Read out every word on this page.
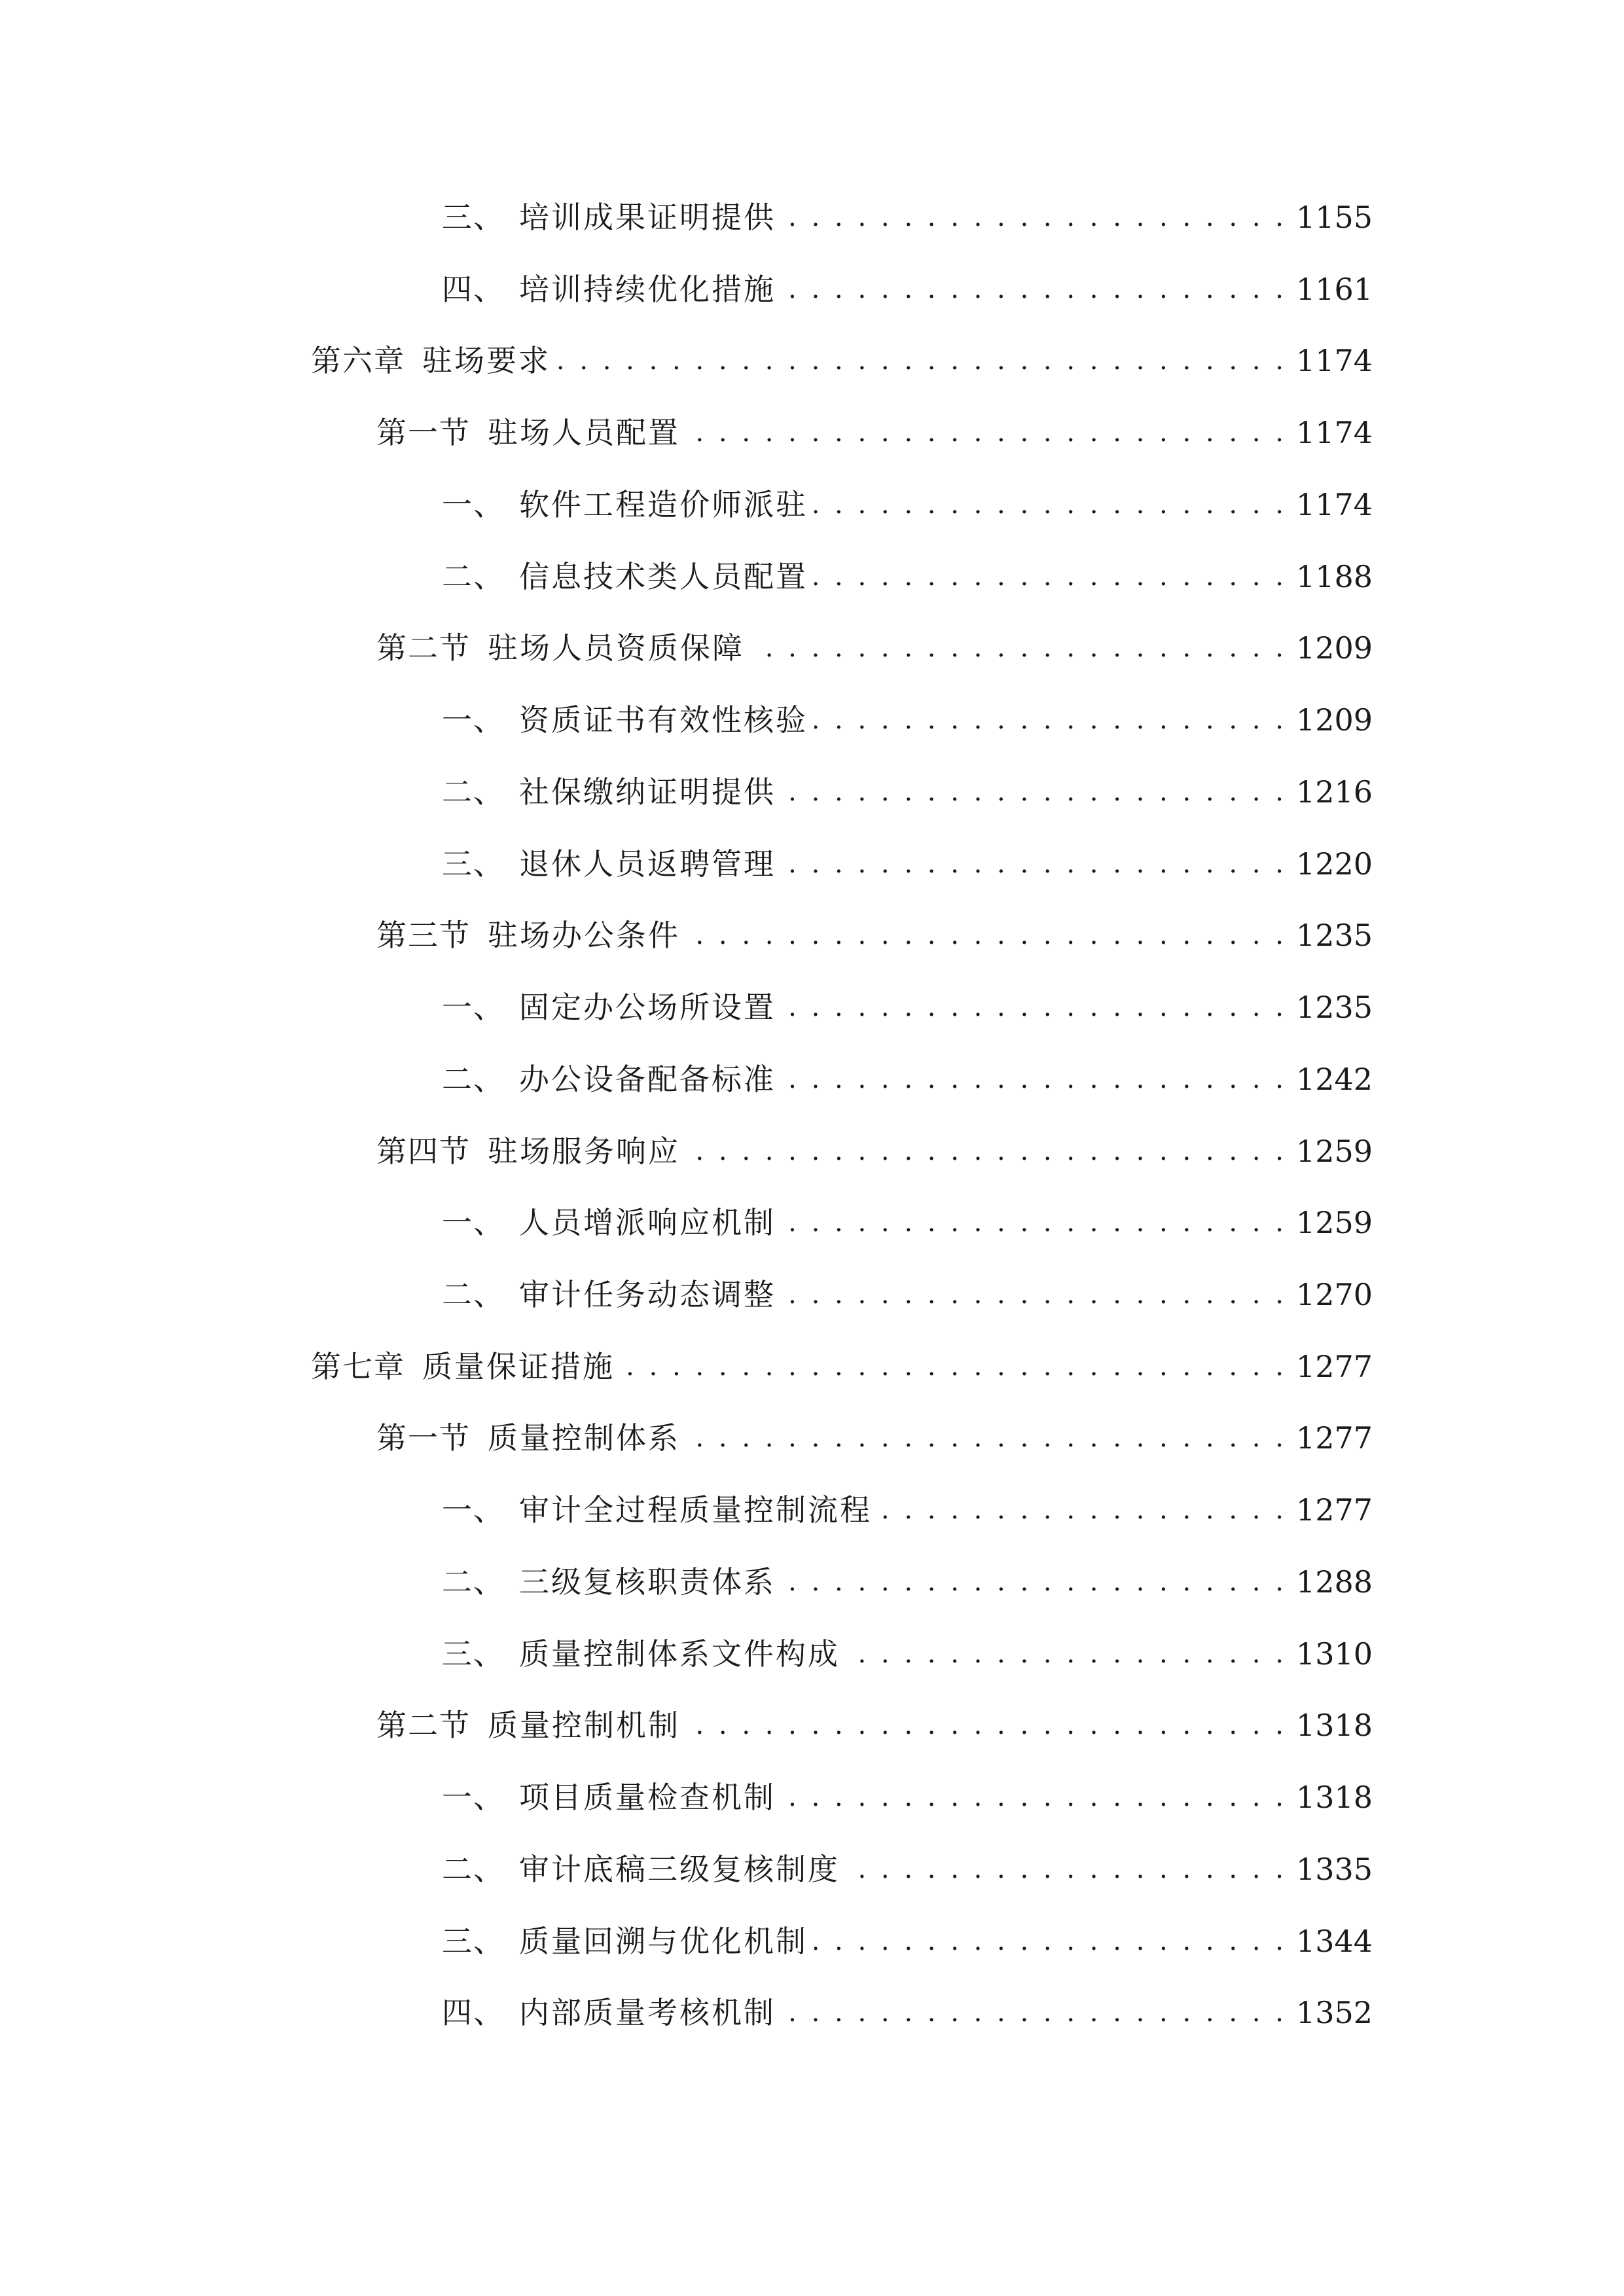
三、 培训成果证明提供 . . .	1155
四、 培训持续优化措施 . . .	1161
第六章 驻场要求 . . .	1174
第一节 驻场人员配置 . . .	1174
一、 软件工程造价师派驻 . . .	1174
二、 信息技术类人员配置 . . .	1188
第二节 驻场人员资质保障 . . .	1209
一、 资质证书有效性核验 . . .	1209
二、 社保缴纳证明提供 . . .	1216
三、 退休人员返聘管理 . . .	1220
第三节 驻场办公条件 . . .	1235
一、 固定办公场所设置 . . .	1235
二、 办公设备配备标准 . . .	1242
第四节 驻场服务响应 . . .	1259
一、 人员增派响应机制 . . .	1259
二、 审计任务动态调整 . . .	1270
第七章 质量保证措施 . . .	1277
第一节 质量控制体系 . . .	1277
一、 审计全过程质量控制流程 . . .	1277
二、 三级复核职责体系 . . .	1288
三、 质量控制体系文件构成 . . .	1310
第二节 质量控制机制 . . .	1318
一、 项目质量检查机制 . . .	1318
二、 审计底稿三级复核制度 . . .	1335
三、 质量回溯与优化机制 . . .	1344
四、 内部质量考核机制 . . .	1352
